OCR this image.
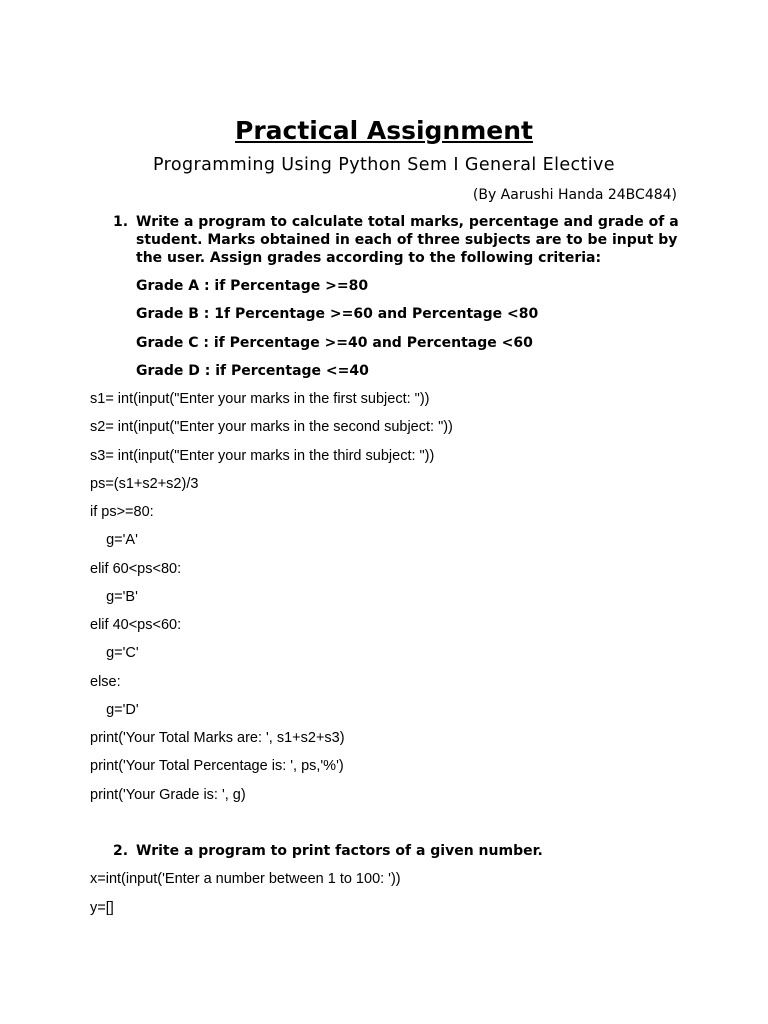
Practical Assignment
Programming Using Python Sem I General Elective
(By Aarushi Handa 24BC484)
1. Write a program to calculate total marks, percentage and grade of a student. Marks obtained in each of three subjects are to be input by the user. Assign grades according to the following criteria:
Grade A : if Percentage >=80
Grade B : 1f Percentage >=60 and Percentage <80
Grade C : if Percentage >=40 and Percentage <60
Grade D : if Percentage <=40
s1= int(input("Enter your marks in the first subject: "))
s2= int(input("Enter your marks in the second subject: "))
s3= int(input("Enter your marks in the third subject: "))
ps=(s1+s2+s2)/3
if ps>=80:
g='A'
elif 60<ps<80:
g='B'
elif 40<ps<60:
g='C'
else:
g='D'
print('Your Total Marks are: ', s1+s2+s3)
print('Your Total Percentage is: ', ps,'%')
print('Your Grade is: ', g)
2. Write a program to print factors of a given number.
x=int(input('Enter a number between 1 to 100: '))
y=[]
